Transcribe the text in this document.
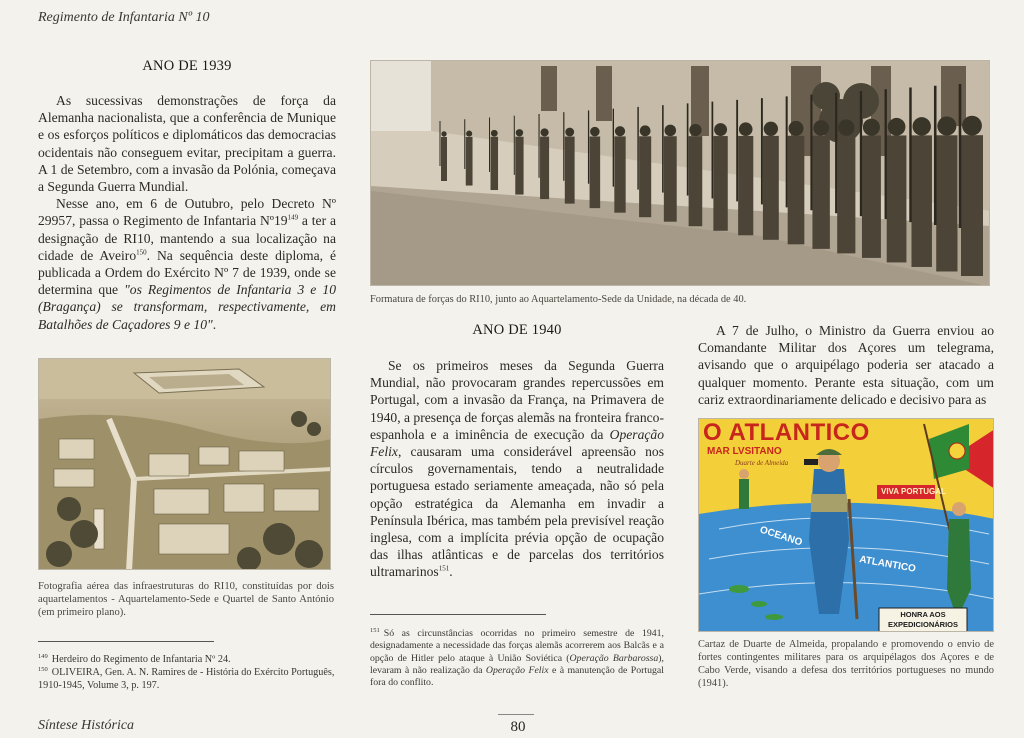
Regimento de Infantaria Nº 10
Síntese Histórica	80
ANO DE 1939

As sucessivas demonstrações de força da Alemanha nacionalista, que a conferência de Munique e os esforços políticos e diplomáticos das democracias ocidentais não conseguem evitar, precipitam a guerra. A 1 de Setembro, com a invasão da Polónia, começava a Segunda Guerra Mundial.

Nesse ano, em 6 de Outubro, pelo Decreto Nº 29957, passa o Regimento de Infantaria $Nº19^{149}$ a ter a designação de RI10, mantendo a sua localização na cidade de Aveiro$^{150}$. Na sequência deste diploma, é publicada a Ordem do Exército Nº 7 de 1939, onde se determina que "os Regimentos de Infantaria 3 e 10 (Bragança) se transformam, respectivamente, em Batalhões de Caçadores 9 e 10".

Fotografia aérea das infraestruturas do RI10, constituídas por dois aquartelamentos - Aquartelamento-Sede e Quartel de Santo António (em primeiro plano).
$^{149}$ Herdeiro do Regimento de Infantaria Nº 24.
$^{150}$ OLIVEIRA, Gen. A. N. Ramires de - História do Exército Português, 1910-1945, Volume 3, p. 197.
Formatura de forças do RI10, junto ao Aquartelamento-Sede da Unidade, na década de 40.
ANO DE 1940

Se os primeiros meses da Segunda Guerra Mundial, não provocaram grandes repercussões em Portugal, com a invasão da França, na Primavera de 1940, a presença de forças alemãs na fronteira franco-espanhola e a iminência de execução da Operação Felix, causaram uma considerável apreensão nos círculos governamentais, tendo a neutralidade portuguesa estado seriamente ameaçada, não só pela opção estratégica da Alemanha em invadir a Península Ibérica, mas também pela previsível reação inglesa, com a implícita prévia opção de ocupação das ilhas atlânticas e de parcelas dos territórios ultramarinos$^{151}$.

$^{151}$ Só as circunstâncias ocorridas no primeiro semestre de 1941, designadamente a necessidade das forças alemãs acorrerem aos Balcãs e a opção de Hitler pelo ataque à União Soviética (Operação Barbarossa), levaram à não realização da Operação Felix e à manutenção de Portugal fora do conflito.

A 7 de Julho, o Ministro da Guerra enviou ao Comandante Militar dos Açores um telegrama, avisando que o arquipélago poderia ser atacado a qualquer momento. Perante esta situação, com um cariz extraordinariamente delicado e decisivo para as

O ATLANTICO
MAR LVSITANO
Duarte de Almeida
VIVA PORTUGAL
OCEANO
ATLANTICO
HONRA AOS
EXPEDICIONÁRIOS
Cartaz de Duarte de Almeida, propalando e promovendo o envio de fortes contingentes militares para os arquipélagos dos Açores e de Cabo Verde, visando a defesa dos territórios portugueses no mundo (1941).
